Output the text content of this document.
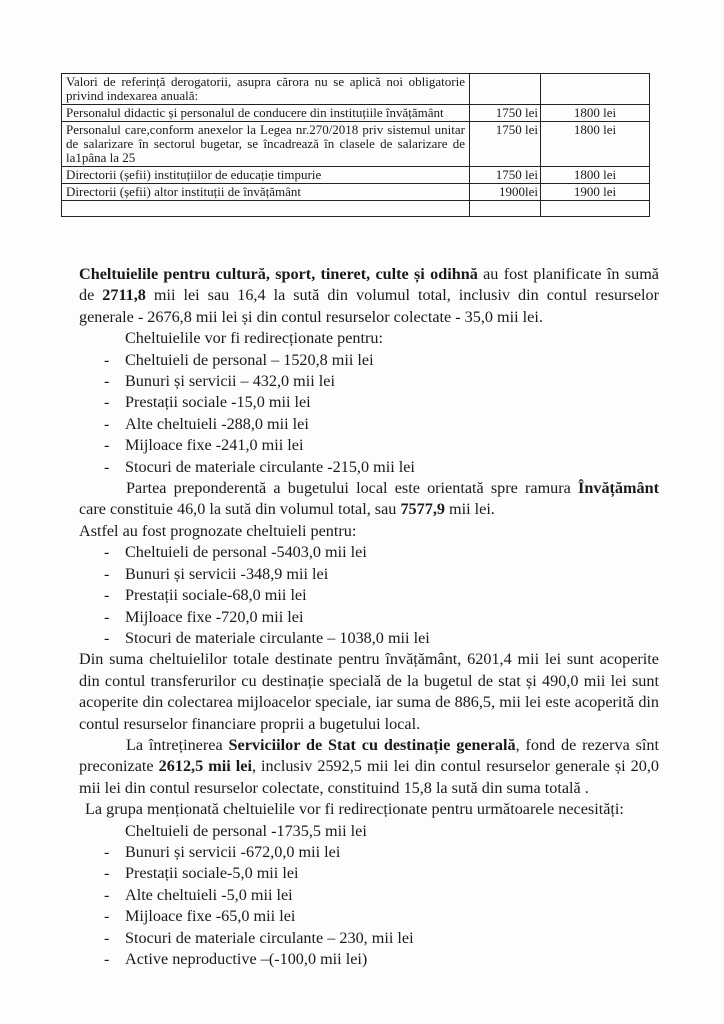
Valori de referință derogatorii, asupra cărora nu se aplică noi obligatorie privind indexarea anuală:		
Personalul didactic și personalul de conducere din instituțiile învățământ	1750 lei	1800 lei
Personalul care,conform anexelor la Legea nr.270/2018 priv sistemul unitar de salarizare în sectorul bugetar, se încadrează în clasele de salarizare de la1pâna la 25	1750 lei	1800 lei
Directorii (șefii) instituțiilor de educație timpurie	1750 lei	1800 lei
Directorii (șefii) altor instituții de învățământ	1900lei	1900 lei

Cheltuielile pentru cultură, sport, tineret, culte și odihnă au fost planificate în sumă de 2711,8 mii lei sau 16,4 la sută din volumul total, inclusiv din contul resurselor generale - 2676,8 mii lei și din contul resurselor colectate - 35,0 mii lei.
Cheltuielile vor fi redirecționate pentru:
- Cheltuieli de personal – 1520,8 mii lei
- Bunuri și servicii – 432,0 mii lei
- Prestații sociale -15,0 mii lei
- Alte cheltuieli -288,0 mii lei
- Mijloace fixe -241,0 mii lei
- Stocuri de materiale circulante -215,0 mii lei
Partea preponderentă a bugetului local este orientată spre ramura Învățământ care constituie 46,0 la sută din volumul total, sau 7577,9 mii lei.
Astfel au fost prognozate cheltuieli pentru:
- Cheltuieli de personal -5403,0 mii lei
- Bunuri și servicii -348,9 mii lei
- Prestații sociale-68,0 mii lei
- Mijloace fixe -720,0 mii lei
- Stocuri de materiale circulante – 1038,0 mii lei
Din suma cheltuielilor totale destinate pentru învățământ, 6201,4 mii lei sunt acoperite din contul transferurilor cu destinație specială de la bugetul de stat și 490,0 mii lei sunt acoperite din colectarea mijloacelor speciale, iar suma de 886,5, mii lei este acoperită din contul resurselor financiare proprii a bugetului local.
La întreținerea Serviciilor de Stat cu destinație generală, fond de rezerva sînt preconizate 2612,5 mii lei, inclusiv 2592,5 mii lei din contul resurselor generale și 20,0 mii lei din contul resurselor colectate, constituind 15,8 la sută din suma totală .
La grupa menționată cheltuielile vor fi redirecționate pentru următoarele necesități:
Cheltuieli de personal -1735,5 mii lei
- Bunuri și servicii -672,0,0 mii lei
- Prestații sociale-5,0 mii lei
- Alte cheltuieli -5,0 mii lei
- Mijloace fixe -65,0 mii lei
- Stocuri de materiale circulante – 230, mii lei
- Active neproductive –(-100,0 mii lei)
